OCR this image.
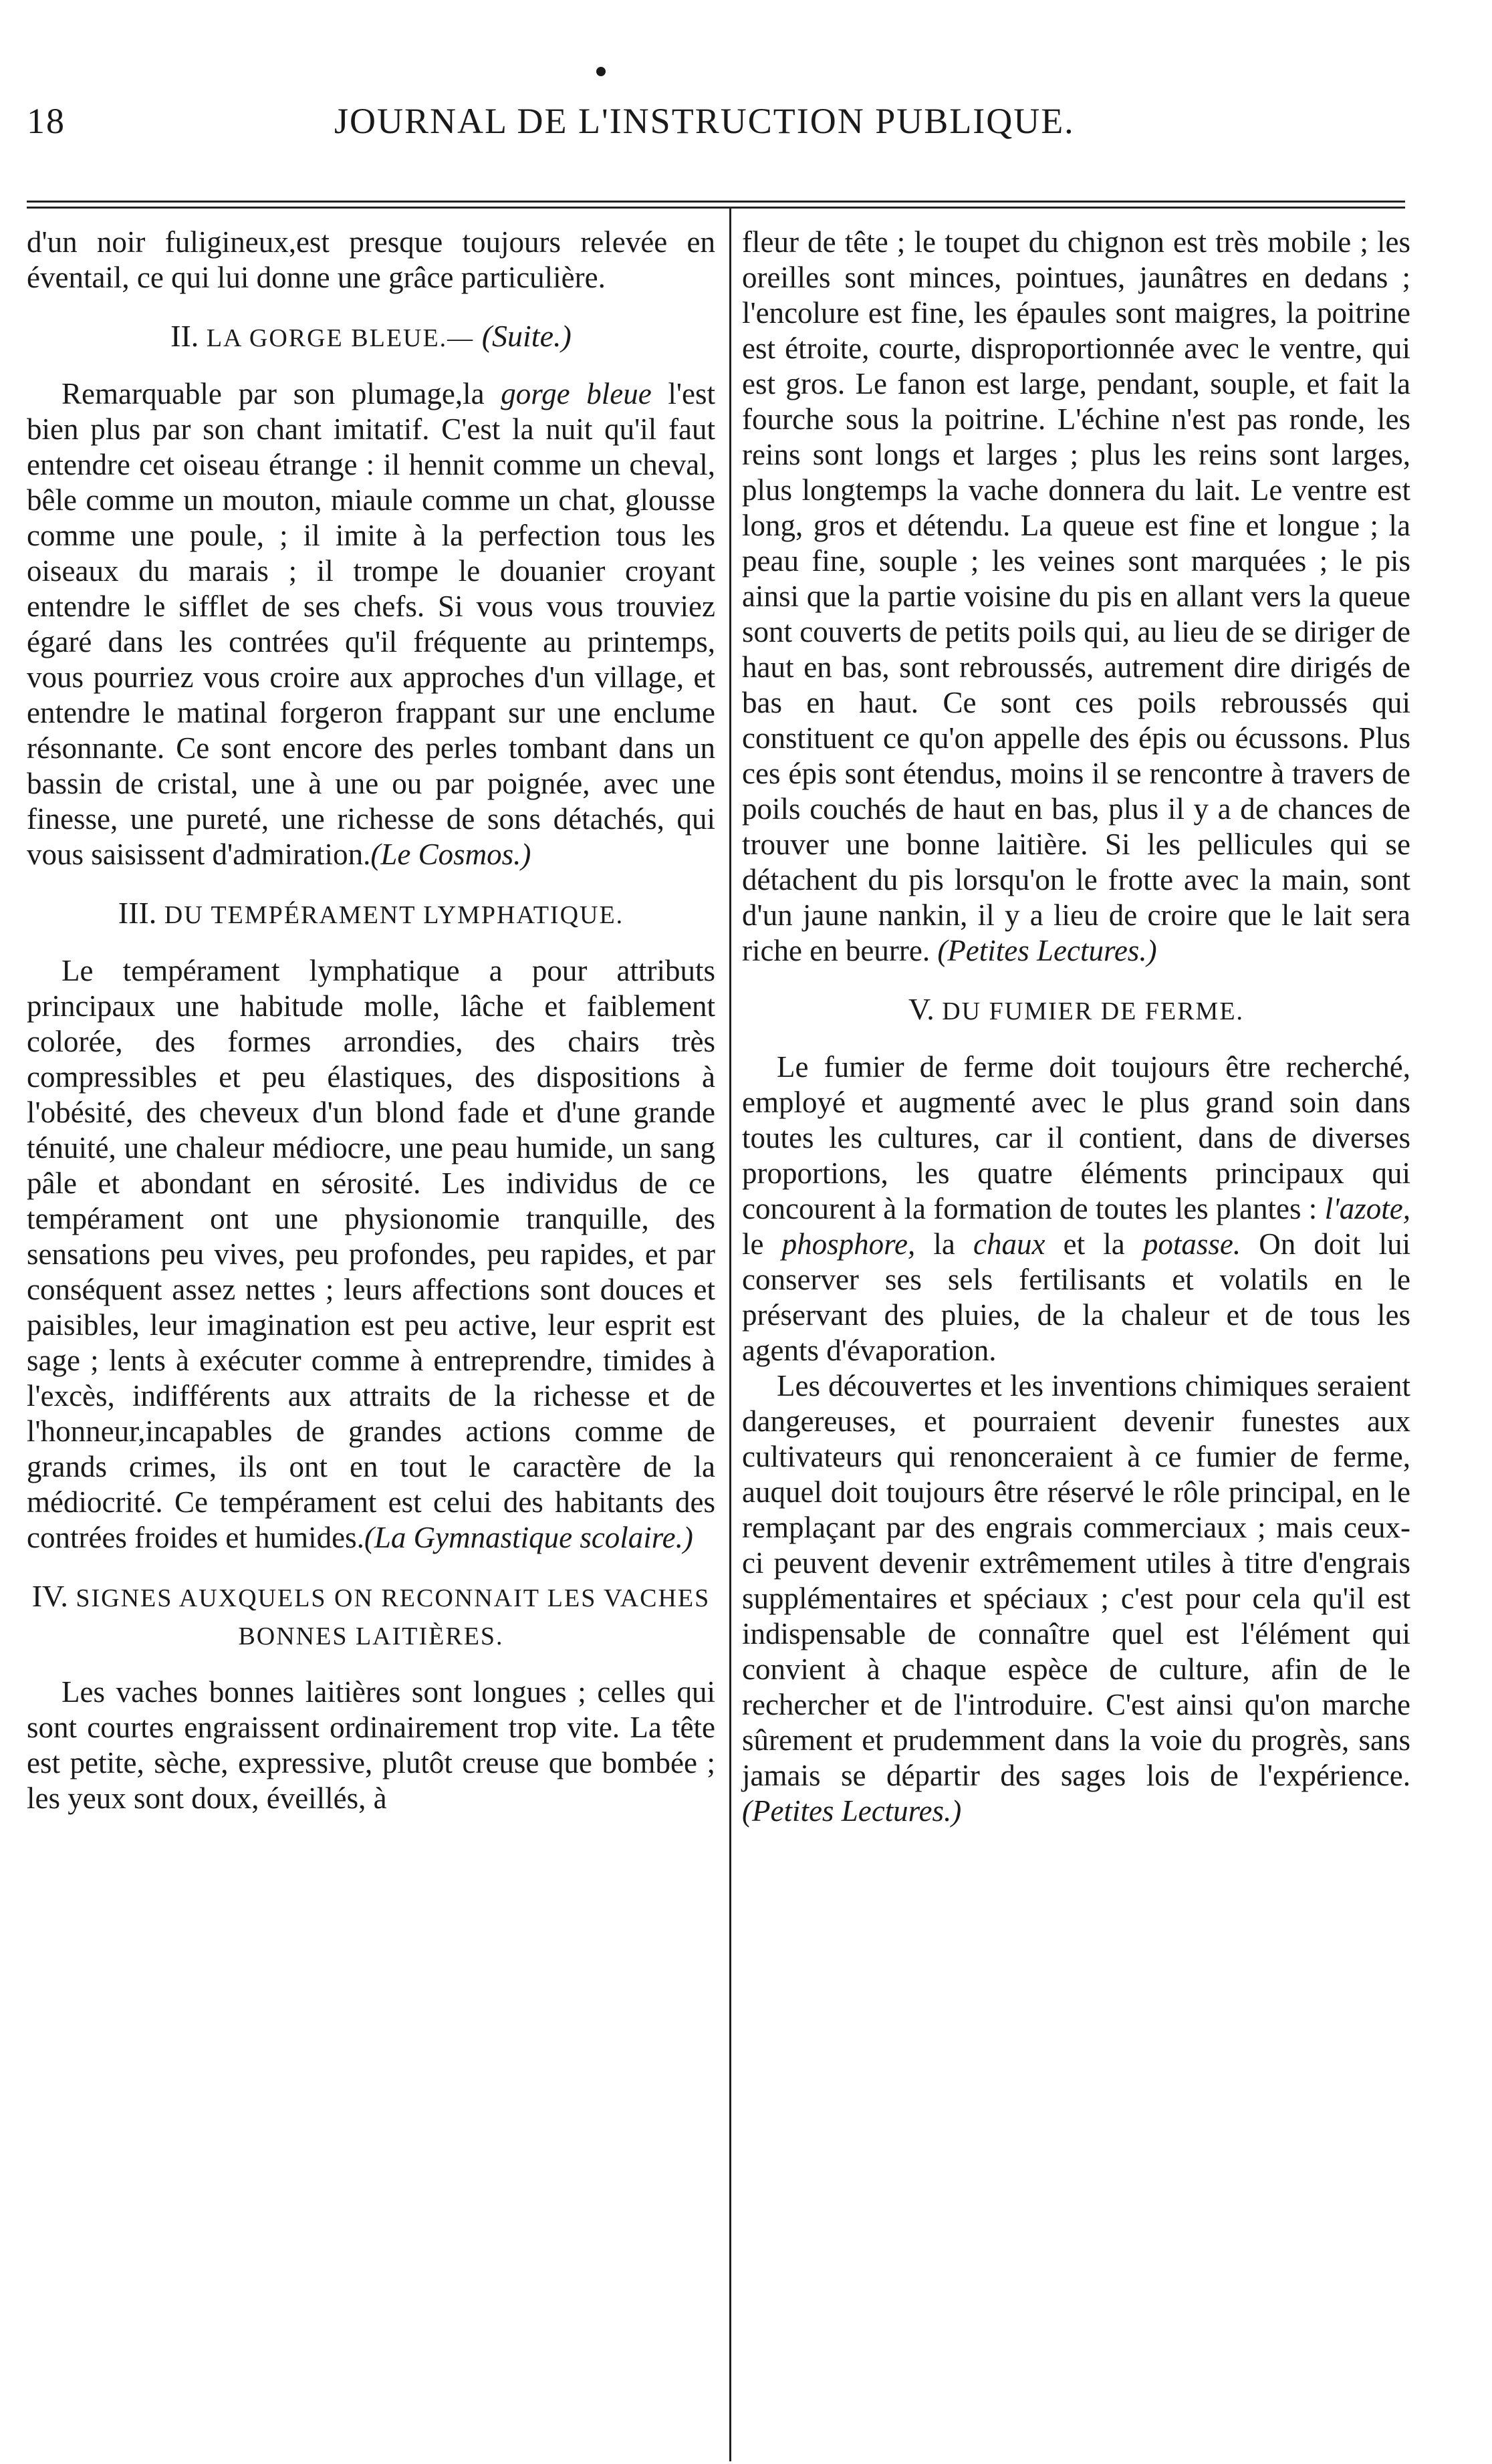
18	JOURNAL DE L'INSTRUCTION PUBLIQUE.

d'un noir fuligineux,est presque toujours relevée en éventail, ce qui lui donne une grâce particulière.

II. LA GORGE BLEUE.— (Suite.)

Remarquable par son plumage,la gorge bleue l'est bien plus par son chant imitatif. C'est la nuit qu'il faut entendre cet oiseau étrange : il hennit comme un cheval, bêle comme un mouton, miaule comme un chat, glousse comme une poule, ; il imite à la perfection tous les oiseaux du marais ; il trompe le douanier croyant entendre le sifflet de ses chefs. Si vous vous trouviez égaré dans les contrées qu'il fréquente au printemps, vous pourriez vous croire aux approches d'un village, et entendre le matinal forgeron frappant sur une enclume résonnante. Ce sont encore des perles tombant dans un bassin de cristal, une à une ou par poignée, avec une finesse, une pureté, une richesse de sons détachés, qui vous saisissent d'admiration.(Le Cosmos.)

III. DU TEMPÉRAMENT LYMPHATIQUE.

Le tempérament lymphatique a pour attributs principaux une habitude molle, lâche et faiblement colorée, des formes arrondies, des chairs très compressibles et peu élastiques, des dispositions à l'obésité, des cheveux d'un blond fade et d'une grande ténuité, une chaleur médiocre, une peau humide, un sang pâle et abondant en sérosité. Les individus de ce tempérament ont une physionomie tranquille, des sensations peu vives, peu profondes, peu rapides, et par conséquent assez nettes ; leurs affections sont douces et paisibles, leur imagination est peu active, leur esprit est sage ; lents à exécuter comme à entreprendre, timides à l'excès, indifférents aux attraits de la richesse et de l'honneur,incapables de grandes actions comme de grands crimes, ils ont en tout le caractère de la médiocrité. Ce tempérament est celui des habitants des contrées froides et humides.(La Gymnastique scolaire.)

IV. SIGNES AUXQUELS ON RECONNAIT LES VACHES BONNES LAITIÈRES.

Les vaches bonnes laitières sont longues ; celles qui sont courtes engraissent ordinairement trop vite. La tête est petite, sèche, expressive, plutôt creuse que bombée ; les yeux sont doux, éveillés, à

fleur de tête ; le toupet du chignon est très mobile ; les oreilles sont minces, pointues, jaunâtres en dedans ; l'encolure est fine, les épaules sont maigres, la poitrine est étroite, courte, disproportionnée avec le ventre, qui est gros. Le fanon est large, pendant, souple, et fait la fourche sous la poitrine. L'échine n'est pas ronde, les reins sont longs et larges ; plus les reins sont larges, plus longtemps la vache donnera du lait. Le ventre est long, gros et détendu. La queue est fine et longue ; la peau fine, souple ; les veines sont marquées ; le pis ainsi que la partie voisine du pis en allant vers la queue sont couverts de petits poils qui, au lieu de se diriger de haut en bas, sont rebroussés, autrement dire dirigés de bas en haut. Ce sont ces poils rebroussés qui constituent ce qu'on appelle des épis ou écussons. Plus ces épis sont étendus, moins il se rencontre à travers de poils couchés de haut en bas, plus il y a de chances de trouver une bonne laitière. Si les pellicules qui se détachent du pis lorsqu'on le frotte avec la main, sont d'un jaune nankin, il y a lieu de croire que le lait sera riche en beurre. (Petites Lectures.)

V. DU FUMIER DE FERME.

Le fumier de ferme doit toujours être recherché, employé et augmenté avec le plus grand soin dans toutes les cultures, car il contient, dans de diverses proportions, les quatre éléments principaux qui concourent à la formation de toutes les plantes : l'azote, le phosphore, la chaux et la potasse. On doit lui conserver ses sels fertilisants et volatils en le préservant des pluies, de la chaleur et de tous les agents d'évaporation.

Les découvertes et les inventions chimiques seraient dangereuses, et pourraient devenir funestes aux cultivateurs qui renonceraient à ce fumier de ferme, auquel doit toujours être réservé le rôle principal, en le remplaçant par des engrais commerciaux ; mais ceux-ci peuvent devenir extrêmement utiles à titre d'engrais supplémentaires et spéciaux ; c'est pour cela qu'il est indispensable de connaître quel est l'élément qui convient à chaque espèce de culture, afin de le rechercher et de l'introduire. C'est ainsi qu'on marche sûrement et prudemment dans la voie du progrès, sans jamais se départir des sages lois de l'expérience. (Petites Lectures.)
